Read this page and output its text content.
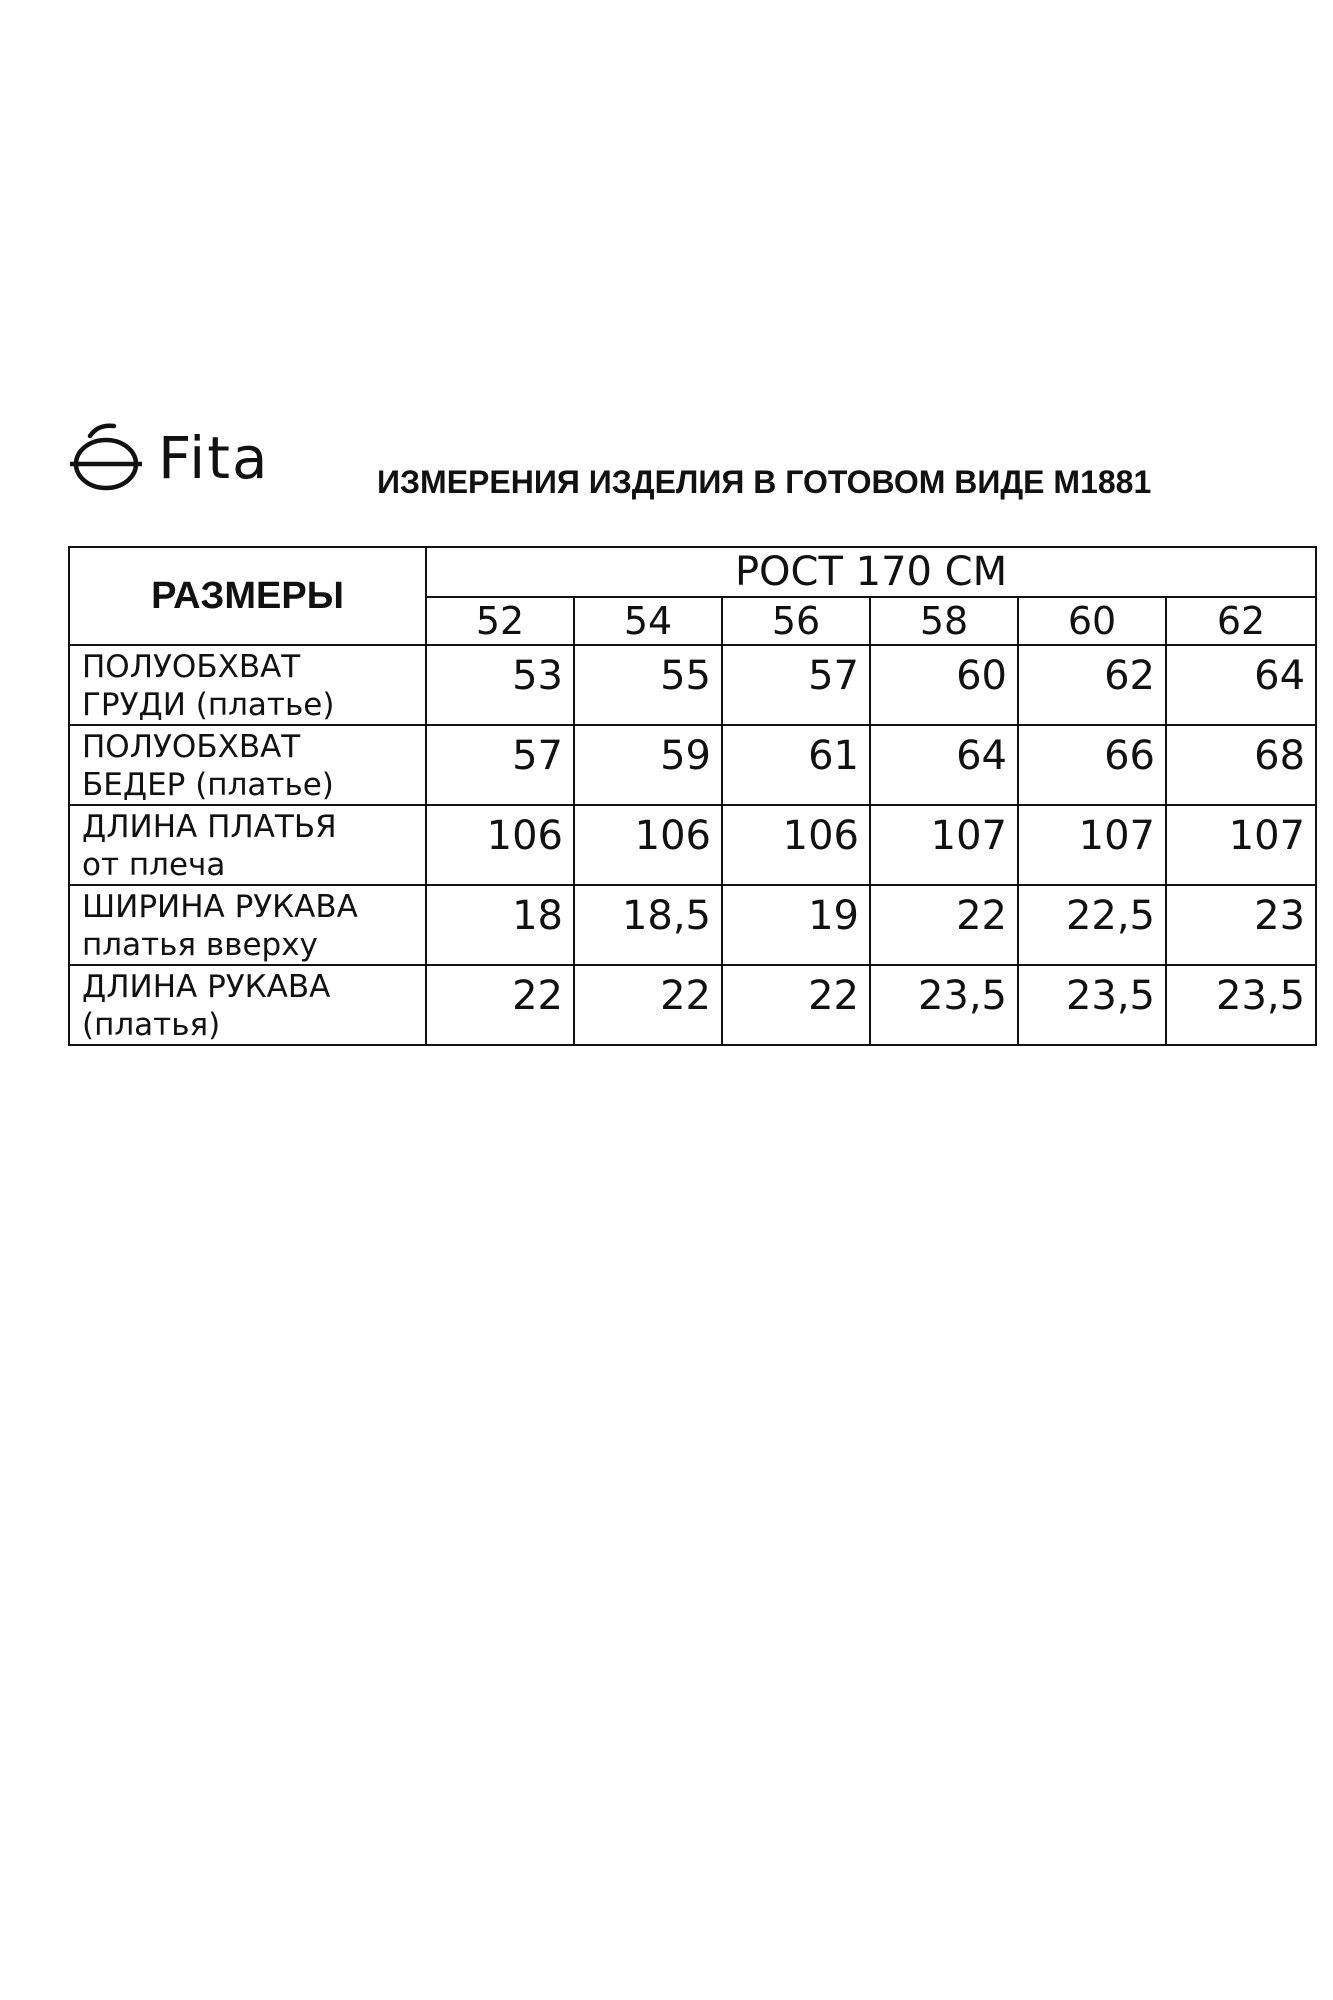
Fita	ИЗМЕРЕНИЯ ИЗДЕЛИЯ В ГОТОВОМ ВИДЕ М1881
РАЗМЕРЫ	РОСТ 170 СМ					
	52	54	56	58	60	62

ПОЛУОБХВАТ
ГРУДИ (платье)	53	55	57	60	62	64

ПОЛУОБХВАТ
БЕДЕР (платье)	57	59	61	64	66	68

ДЛИНА ПЛАТЬЯ
от плеча	106	106	106	107	107	107

ШИРИНА РУКАВА
платья вверху	18	18,5	19	22	22,5	23

ДЛИНА РУКАВА
(платья)	22	22	22	23,5	23,5	23,5
